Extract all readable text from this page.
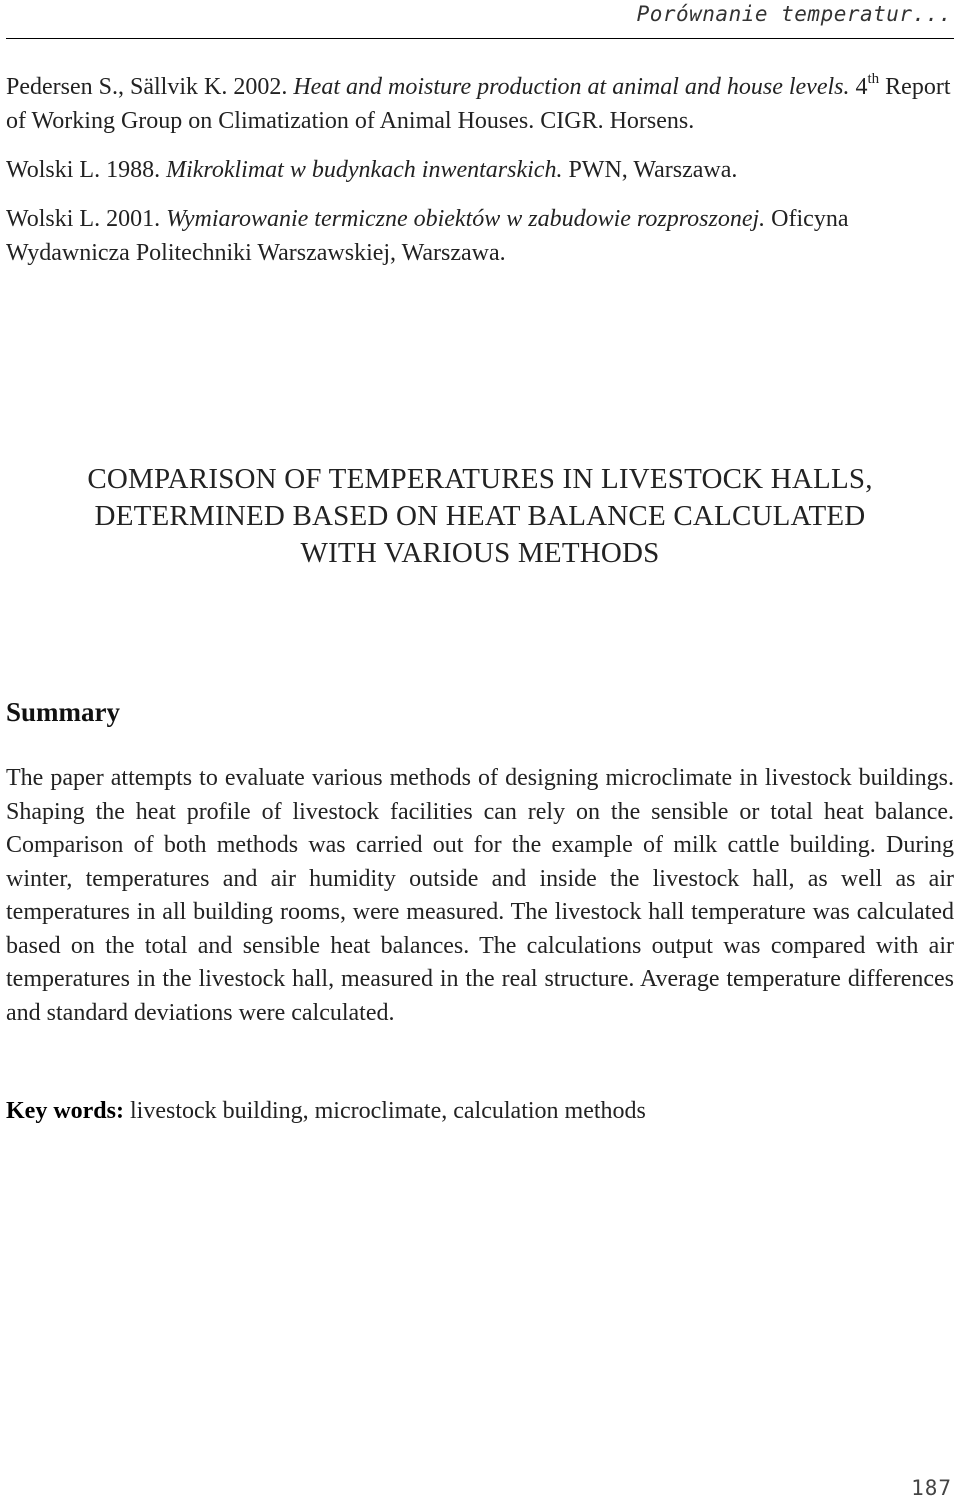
Porównanie temperatur...

Pedersen S., Sällvik K. 2002. Heat and moisture production at animal and house levels. 4th Report of Working Group on Climatization of Animal Houses. CIGR. Horsens.

Wolski L. 1988. Mikroklimat w budynkach inwentarskich. PWN, Warszawa.

Wolski L. 2001. Wymiarowanie termiczne obiektów w zabudowie rozproszonej. Oficyna Wydawnicza Politechniki Warszawskiej, Warszawa.

COMPARISON OF TEMPERATURES IN LIVESTOCK HALLS,
DETERMINED BASED ON HEAT BALANCE CALCULATED
WITH VARIOUS METHODS
Summary

The paper attempts to evaluate various methods of designing microclimate in livestock buildings. Shaping the heat profile of livestock facilities can rely on the sensible or total heat balance. Comparison of both methods was carried out for the example of milk cattle building. During winter, temperatures and air humidity outside and inside the livestock hall, as well as air temperatures in all building rooms, were measured. The livestock hall temperature was calculated based on the total and sensible heat balances. The calculations output was compared with air temperatures in the livestock hall, measured in the real structure. Average temperature differences and standard deviations were calculated.

Key words: livestock building, microclimate, calculation methods

187
